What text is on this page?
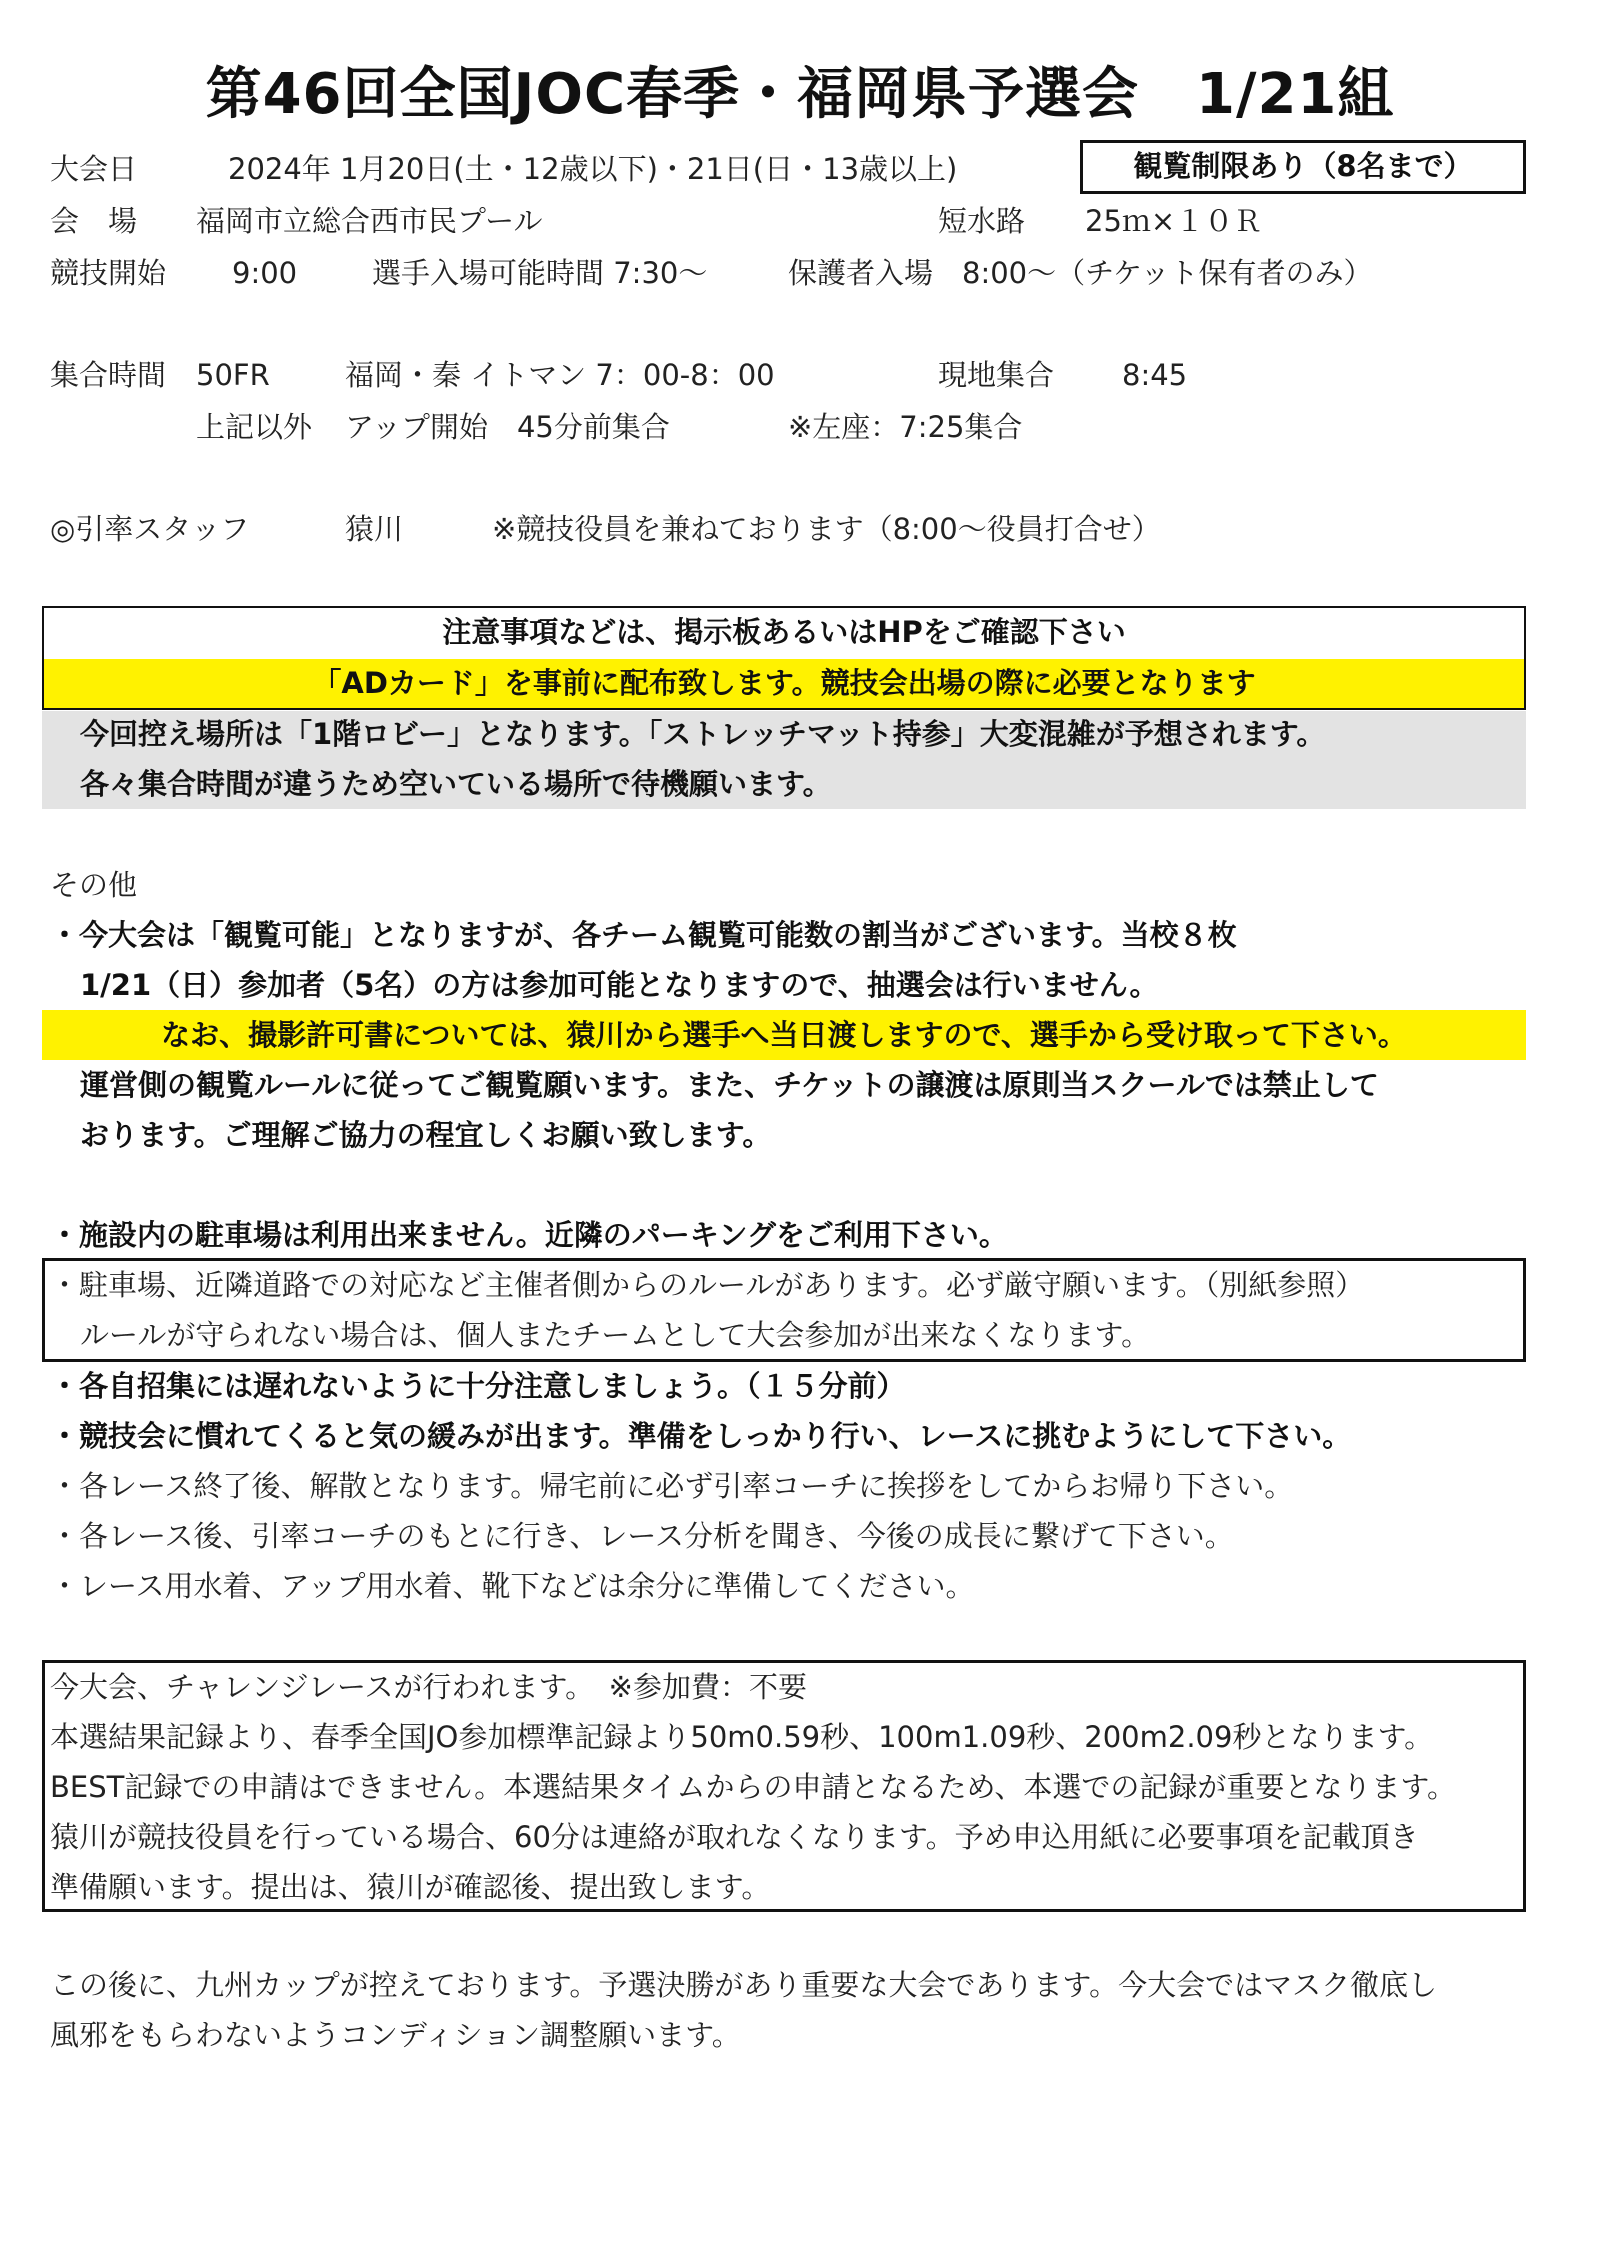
第46回全国JOC春季・福岡県予選会　1/21組
大会日	2024年 1月20日(土・12歳以下)・21日(日・13歳以上)	観覧制限あり（8名まで）
会　場 福岡市立総合西市民プール	短水路 25ｍ×１０Ｒ
競技開始 9:00	選手入場可能時間 7:30〜	保護者入場　8:00〜（チケット保有者のみ）
集合時間 50FR	福岡・秦 イトマン 7：00-8：00	現地集合 8:45
上記以外 アップ開始　45分前集合	※左座：7:25集合
◎引率スタッフ	猿川	※競技役員を兼ねております（8:00〜役員打合せ）
注意事項などは、掲示板あるいはHPをご確認下さい
「ADカード」を事前に配布致します。競技会出場の際に必要となります
今回控え場所は「1階ロビー」となります。「ストレッチマット持参」大変混雑が予想されます。
各々集合時間が違うため空いている場所で待機願います。
その他
・今大会は「観覧可能」となりますが、各チーム観覧可能数の割当がございます。当校８枚
1/21（日）参加者（5名）の方は参加可能となりますので、抽選会は行いません。
なお、撮影許可書については、猿川から選手へ当日渡しますので、選手から受け取って下さい。
運営側の観覧ルールに従ってご観覧願います。また、チケットの譲渡は原則当スクールでは禁止して
おります。ご理解ご協力の程宜しくお願い致します。
・施設内の駐車場は利用出来ません。近隣のパーキングをご利用下さい。
・駐車場、近隣道路での対応など主催者側からのルールがあります。必ず厳守願います。（別紙参照）
ルールが守られない場合は、個人またチームとして大会参加が出来なくなります。
・各自招集には遅れないように十分注意しましょう。（１５分前）
・競技会に慣れてくると気の緩みが出ます。準備をしっかり行い、レースに挑むようにして下さい。
・各レース終了後、解散となります。帰宅前に必ず引率コーチに挨拶をしてからお帰り下さい。
・各レース後、引率コーチのもとに行き、レース分析を聞き、今後の成長に繋げて下さい。
・レース用水着、アップ用水着、靴下などは余分に準備してください。
今大会、チャレンジレースが行われます。　※参加費：不要
本選結果記録より、春季全国JO参加標準記録より50m0.59秒、100m1.09秒、200m2.09秒となります。
BEST記録での申請はできません。本選結果タイムからの申請となるため、本選での記録が重要となります。
猿川が競技役員を行っている場合、60分は連絡が取れなくなります。予め申込用紙に必要事項を記載頂き
準備願います。提出は、猿川が確認後、提出致します。
この後に、九州カップが控えております。予選決勝があり重要な大会であります。今大会ではマスク徹底し
風邪をもらわないようコンディション調整願います。
